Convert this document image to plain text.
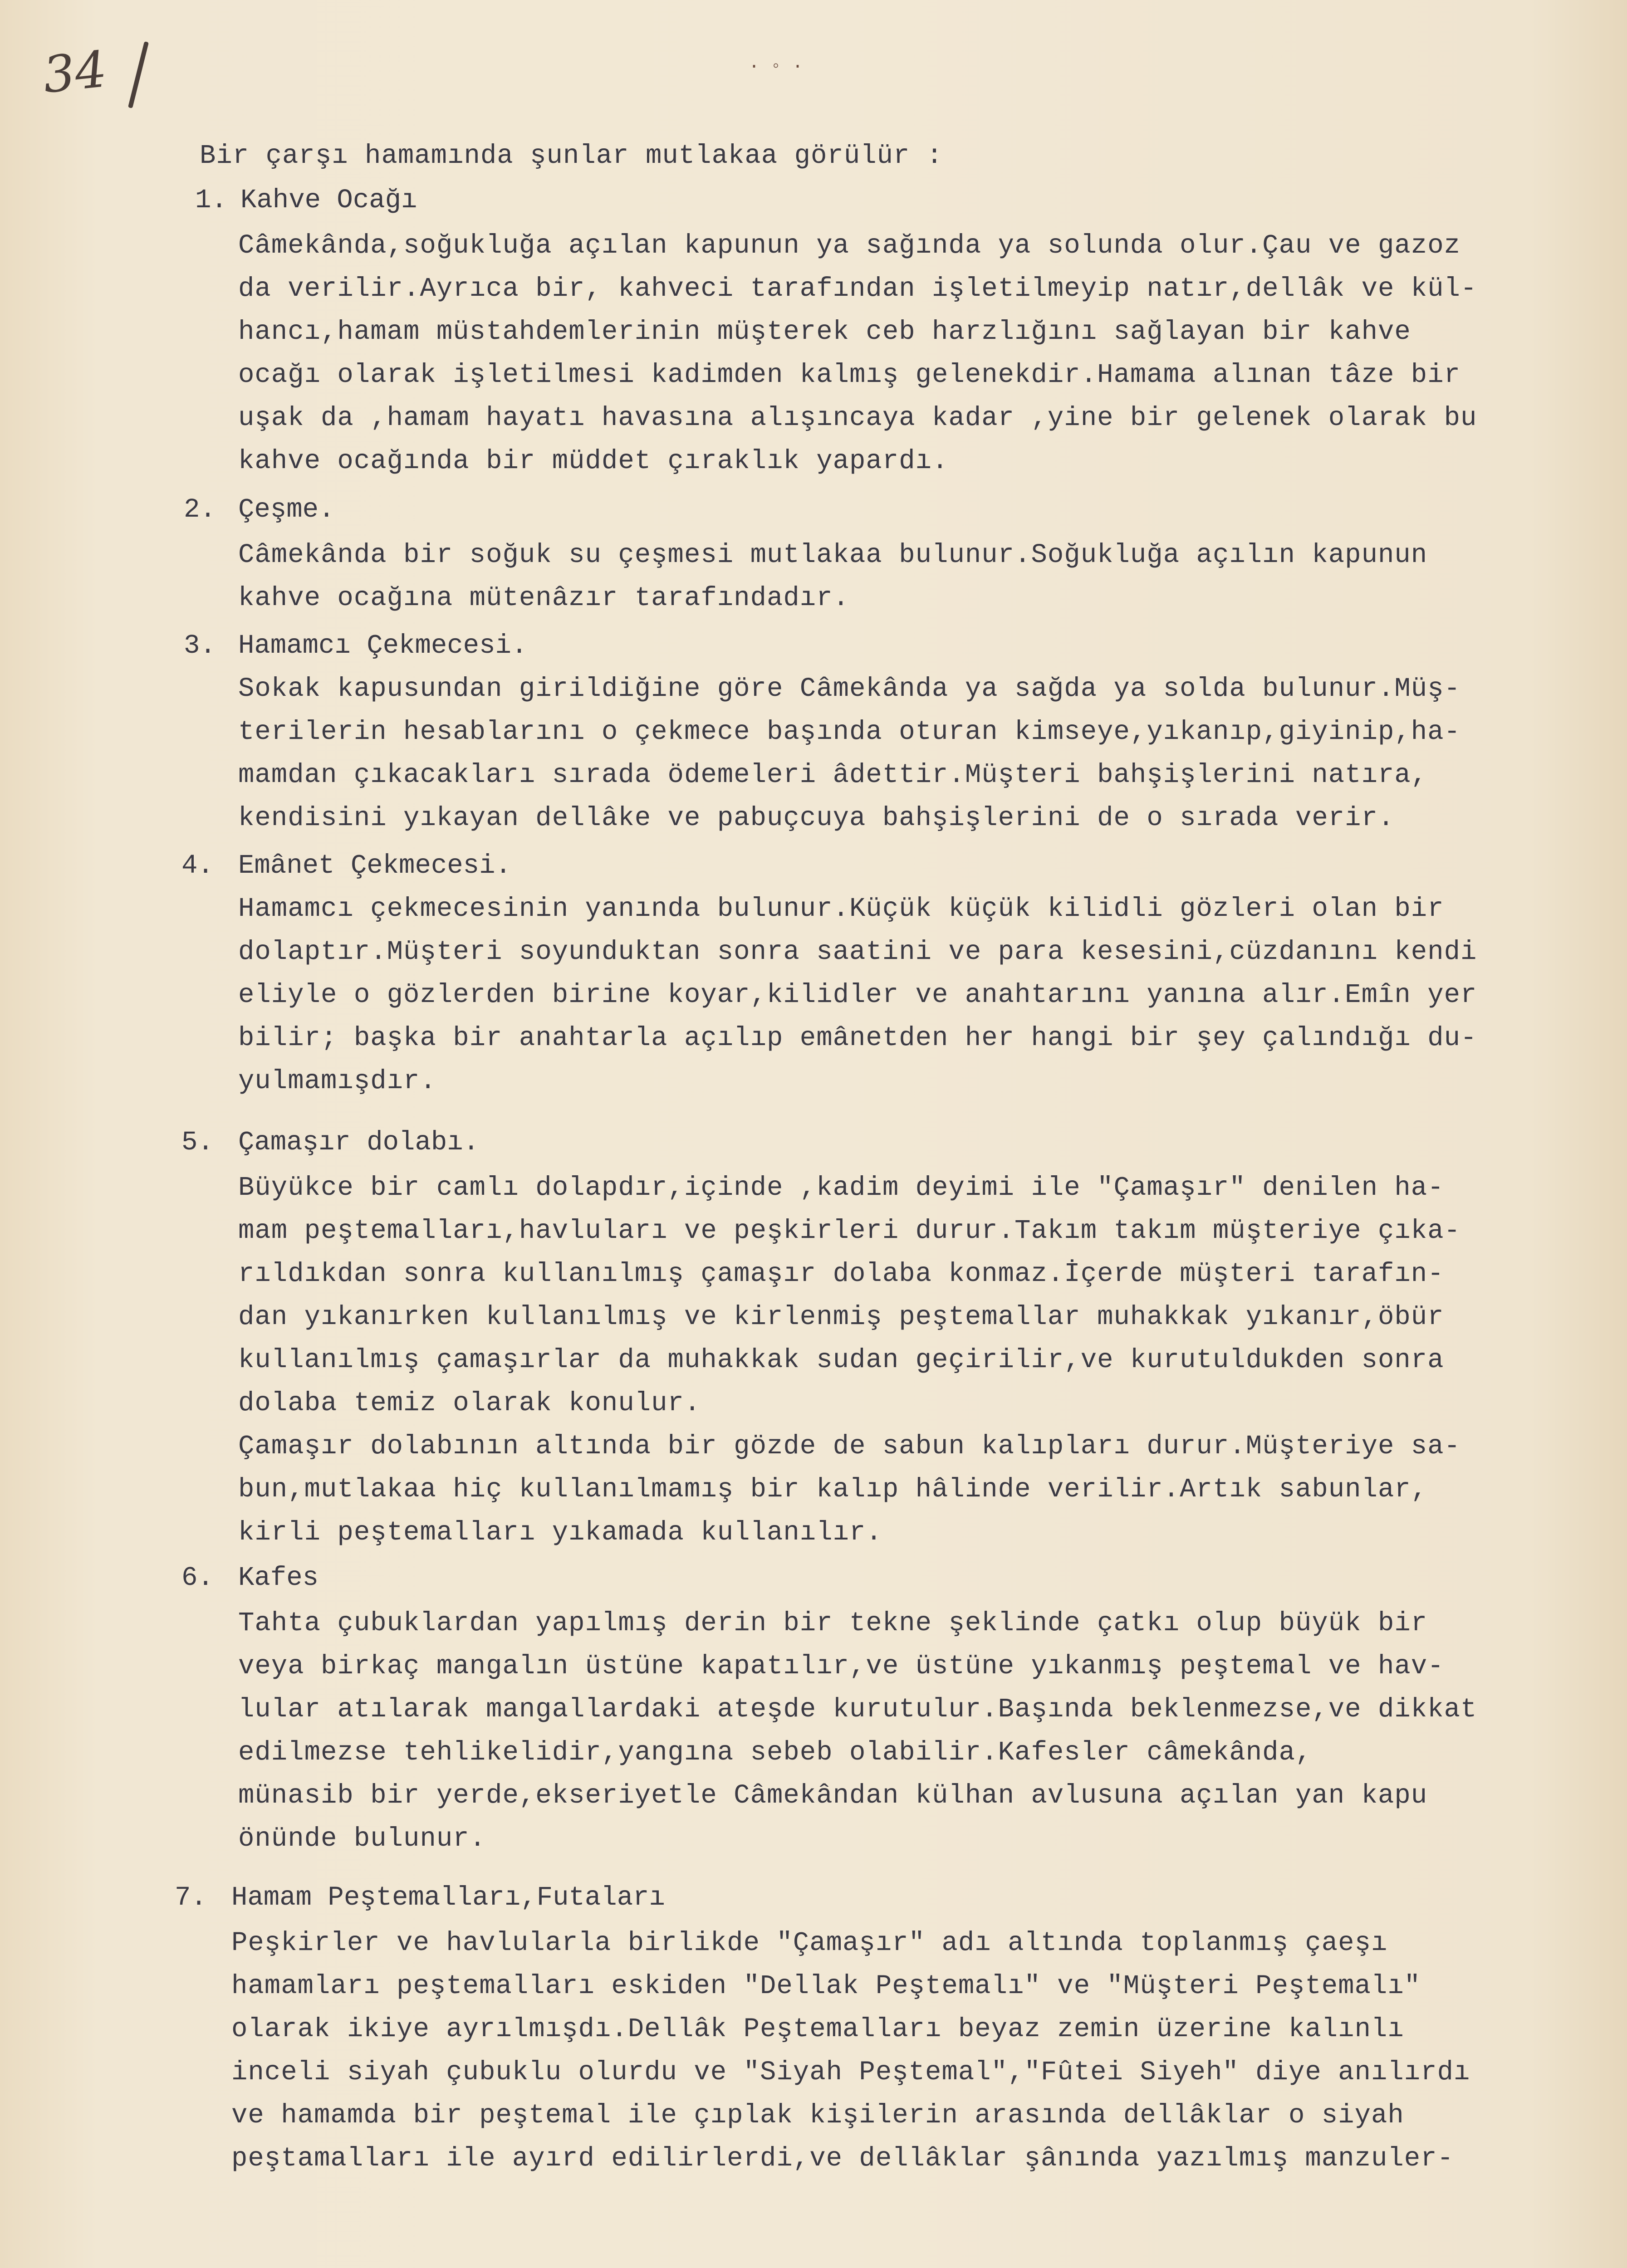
34	· ◦ ·
Bir çarşı hamamında şunlar mutlakaa görülür :
1. Kahve Ocağı
Câmekânda,soğukluğa açılan kapunun ya sağında ya solunda olur.Çau ve gazoz
da verilir.Ayrıca bir, kahveci tarafından işletilmeyip natır,dellâk ve kül-
hancı,hamam müstahdemlerinin müşterek ceb harzlığını sağlayan bir kahve
ocağı olarak işletilmesi kadimden kalmış gelenekdir.Hamama alınan tâze bir
uşak da ,hamam hayatı havasına alışıncaya kadar ,yine bir gelenek olarak bu
kahve ocağında bir müddet çıraklık yapardı.
2. Çeşme.
Câmekânda bir soğuk su çeşmesi mutlakaa bulunur.Soğukluğa açılın kapunun
kahve ocağına mütenâzır tarafındadır.
3. Hamamcı Çekmecesi.
Sokak kapusundan girildiğine göre Câmekânda ya sağda ya solda bulunur.Müş-
terilerin hesablarını o çekmece başında oturan kimseye,yıkanıp,giyinip,ha-
mamdan çıkacakları sırada ödemeleri âdettir.Müşteri bahşişlerini natıra,
kendisini yıkayan dellâke ve pabuçcuya bahşişlerini de o sırada verir.
4. Emânet Çekmecesi.
Hamamcı çekmecesinin yanında bulunur.Küçük küçük kilidli gözleri olan bir
dolaptır.Müşteri soyunduktan sonra saatini ve para kesesini,cüzdanını kendi
eliyle o gözlerden birine koyar,kilidler ve anahtarını yanına alır.Emîn yer
bilir; başka bir anahtarla açılıp emânetden her hangi bir şey çalındığı du-
yulmamışdır.
5. Çamaşır dolabı.
Büyükce bir camlı dolapdır,içinde ,kadim deyimi ile "Çamaşır" denilen ha-
mam peştemalları,havluları ve peşkirleri durur.Takım takım müşteriye çıka-
rıldıkdan sonra kullanılmış çamaşır dolaba konmaz.İçerde müşteri tarafın-
dan yıkanırken kullanılmış ve kirlenmiş peştemallar muhakkak yıkanır,öbür
kullanılmış çamaşırlar da muhakkak sudan geçirilir,ve kurutuldukden sonra
dolaba temiz olarak konulur.
Çamaşır dolabının altında bir gözde de sabun kalıpları durur.Müşteriye sa-
bun,mutlakaa hiç kullanılmamış bir kalıp hâlinde verilir.Artık sabunlar,
kirli peştemalları yıkamada kullanılır.
6. Kafes
Tahta çubuklardan yapılmış derin bir tekne şeklinde çatkı olup büyük bir
veya birkaç mangalın üstüne kapatılır,ve üstüne yıkanmış peştemal ve hav-
lular atılarak mangallardaki ateşde kurutulur.Başında beklenmezse,ve dikkat
edilmezse tehlikelidir,yangına sebeb olabilir.Kafesler câmekânda,
münasib bir yerde,ekseriyetle Câmekândan külhan avlusuna açılan yan kapu
önünde bulunur.
7. Hamam Peştemalları,Futaları
Peşkirler ve havlularla birlikde "Çamaşır" adı altında toplanmış çaeşı
hamamları peştemalları eskiden "Dellak Peştemalı" ve "Müşteri Peştemalı"
olarak ikiye ayrılmışdı.Dellâk Peştemalları beyaz zemin üzerine kalınlı
inceli siyah çubuklu olurdu ve "Siyah Peştemal","Fûtei Siyeh" diye anılırdı
ve hamamda bir peştemal ile çıplak kişilerin arasında dellâklar o siyah
peştamalları ile ayırd edilirlerdi,ve dellâklar şânında yazılmış manzuler-
